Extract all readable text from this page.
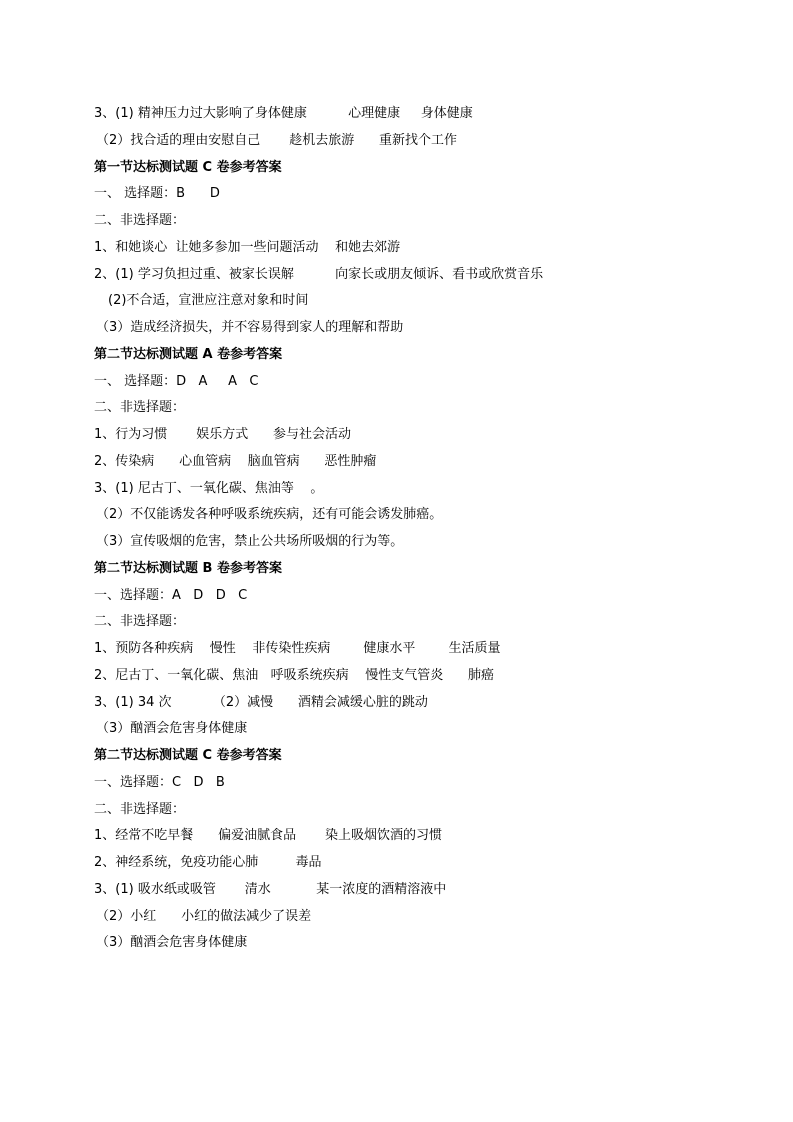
3、(1) 精神压力过大影响了身体健康          心理健康     身体健康
（2）找合适的理由安慰自己       趁机去旅游      重新找个工作
第一节达标测试题 C 卷参考答案
一、 选择题：B      D
二、非选择题：
1、和她谈心  让她多参加一些问题活动    和她去郊游
2、(1) 学习负担过重、被家长误解          向家长或朋友倾诉、看书或欣赏音乐
(2)不合适，宣泄应注意对象和时间
（3）造成经济损失，并不容易得到家人的理解和帮助
第二节达标测试题 A 卷参考答案
一、 选择题：D   A     A   C
二、非选择题：
1、行为习惯       娱乐方式      参与社会活动
2、传染病      心血管病    脑血管病      恶性肿瘤
3、(1) 尼古丁、一氧化碳、焦油等    。
（2）不仅能诱发各种呼吸系统疾病，还有可能会诱发肺癌。
（3）宣传吸烟的危害，禁止公共场所吸烟的行为等。
第二节达标测试题 B 卷参考答案
一、选择题：A   D   D   C
二、非选择题：
1、预防各种疾病    慢性    非传染性疾病        健康水平        生活质量
2、尼古丁、一氧化碳、焦油   呼吸系统疾病    慢性支气管炎      肺癌
3、(1) 34 次          （2）减慢      酒精会减缓心脏的跳动
（3）酗酒会危害身体健康
第二节达标测试题 C 卷参考答案
一、选择题：C   D   B
二、非选择题：
1、经常不吃早餐      偏爱油腻食品       染上吸烟饮酒的习惯
2、神经系统，免疫功能心肺         毒品
3、(1) 吸水纸或吸管       清水           某一浓度的酒精溶液中
（2）小红      小红的做法减少了误差
（3）酗酒会危害身体健康
